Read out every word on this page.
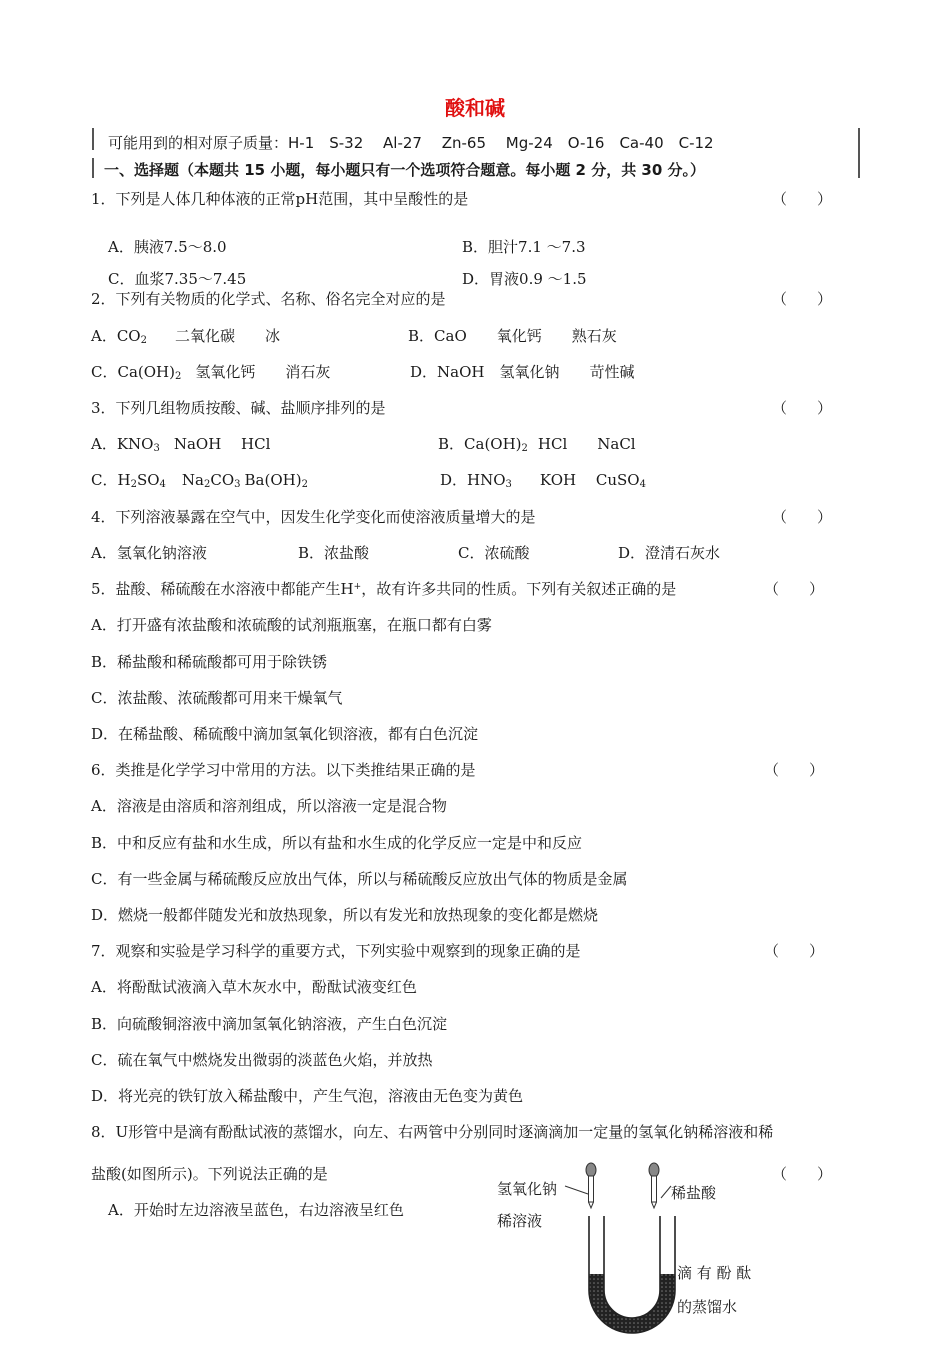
酸和碱
可能用到的相对原子质量：H-1　S-32　 Al-27　 Zn-65　 Mg-24　O-16　Ca-40　C-12
一、选择题（本题共 15 小题，每小题只有一个选项符合题意。每小题 2 分，共 30 分。）
1．下列是人体几种体液的正常pH范围，其中呈酸性的是	（　　）
A．胰液7.5～8.0	B．胆汁7.1 ～7.3
C．血浆7.35～7.45	D．胃液0.9 ～1.5
2．下列有关物质的化学式、名称、俗名完全对应的是	（　　）
A．$CO_2$ 二氧化碳　　冰	B．CaO　　氧化钙　　熟石灰
C．$Ca(OH)_2$ 氢氧化钙　　消石灰	D．NaOH　氢氧化钠　　苛性碱
3．下列几组物质按酸、碱、盐顺序排列的是	（　　）
A．$KNO_3$ NaOH　 HCl	B．$Ca(OH)_2$ HCl　　NaCl
C．$H_2SO_4$ $Na_2CO_3$ $Ba(OH)_2$	D．$HNO_3$ KOH　 CuSO$_4$
4．下列溶液暴露在空气中，因发生化学变化而使溶液质量增大的是	（　　）
A．氢氧化钠溶液	B．浓盐酸	C．浓硫酸	D．澄清石灰水
5．盐酸、稀硫酸在水溶液中都能产生H+，故有许多共同的性质。下列有关叙述正确的是	（　　）
A．打开盛有浓盐酸和浓硫酸的试剂瓶瓶塞，在瓶口都有白雾
B．稀盐酸和稀硫酸都可用于除铁锈
C．浓盐酸、浓硫酸都可用来干燥氧气
D．在稀盐酸、稀硫酸中滴加氢氧化钡溶液，都有白色沉淀
6．类推是化学学习中常用的方法。以下类推结果正确的是	（　　）
A．溶液是由溶质和溶剂组成，所以溶液一定是混合物
B．中和反应有盐和水生成，所以有盐和水生成的化学反应一定是中和反应
C．有一些金属与稀硫酸反应放出气体，所以与稀硫酸反应放出气体的物质是金属
D．燃烧一般都伴随发光和放热现象，所以有发光和放热现象的变化都是燃烧
7．观察和实验是学习科学的重要方式，下列实验中观察到的现象正确的是	（　　）
A．将酚酞试液滴入草木灰水中，酚酞试液变红色
B．向硫酸铜溶液中滴加氢氧化钠溶液，产生白色沉淀
C．硫在氧气中燃烧发出微弱的淡蓝色火焰，并放热
D．将光亮的铁钉放入稀盐酸中，产生气泡，溶液由无色变为黄色
8．U形管中是滴有酚酞试液的蒸馏水，向左、右两管中分别同时逐滴滴加一定量的氢氧化钠稀溶液和稀
盐酸(如图所示)。下列说法正确的是	（　　）
A．开始时左边溶液呈蓝色，右边溶液呈红色
氢氧化钠
稀溶液
稀盐酸
滴 有 酚 酞
的蒸馏水
